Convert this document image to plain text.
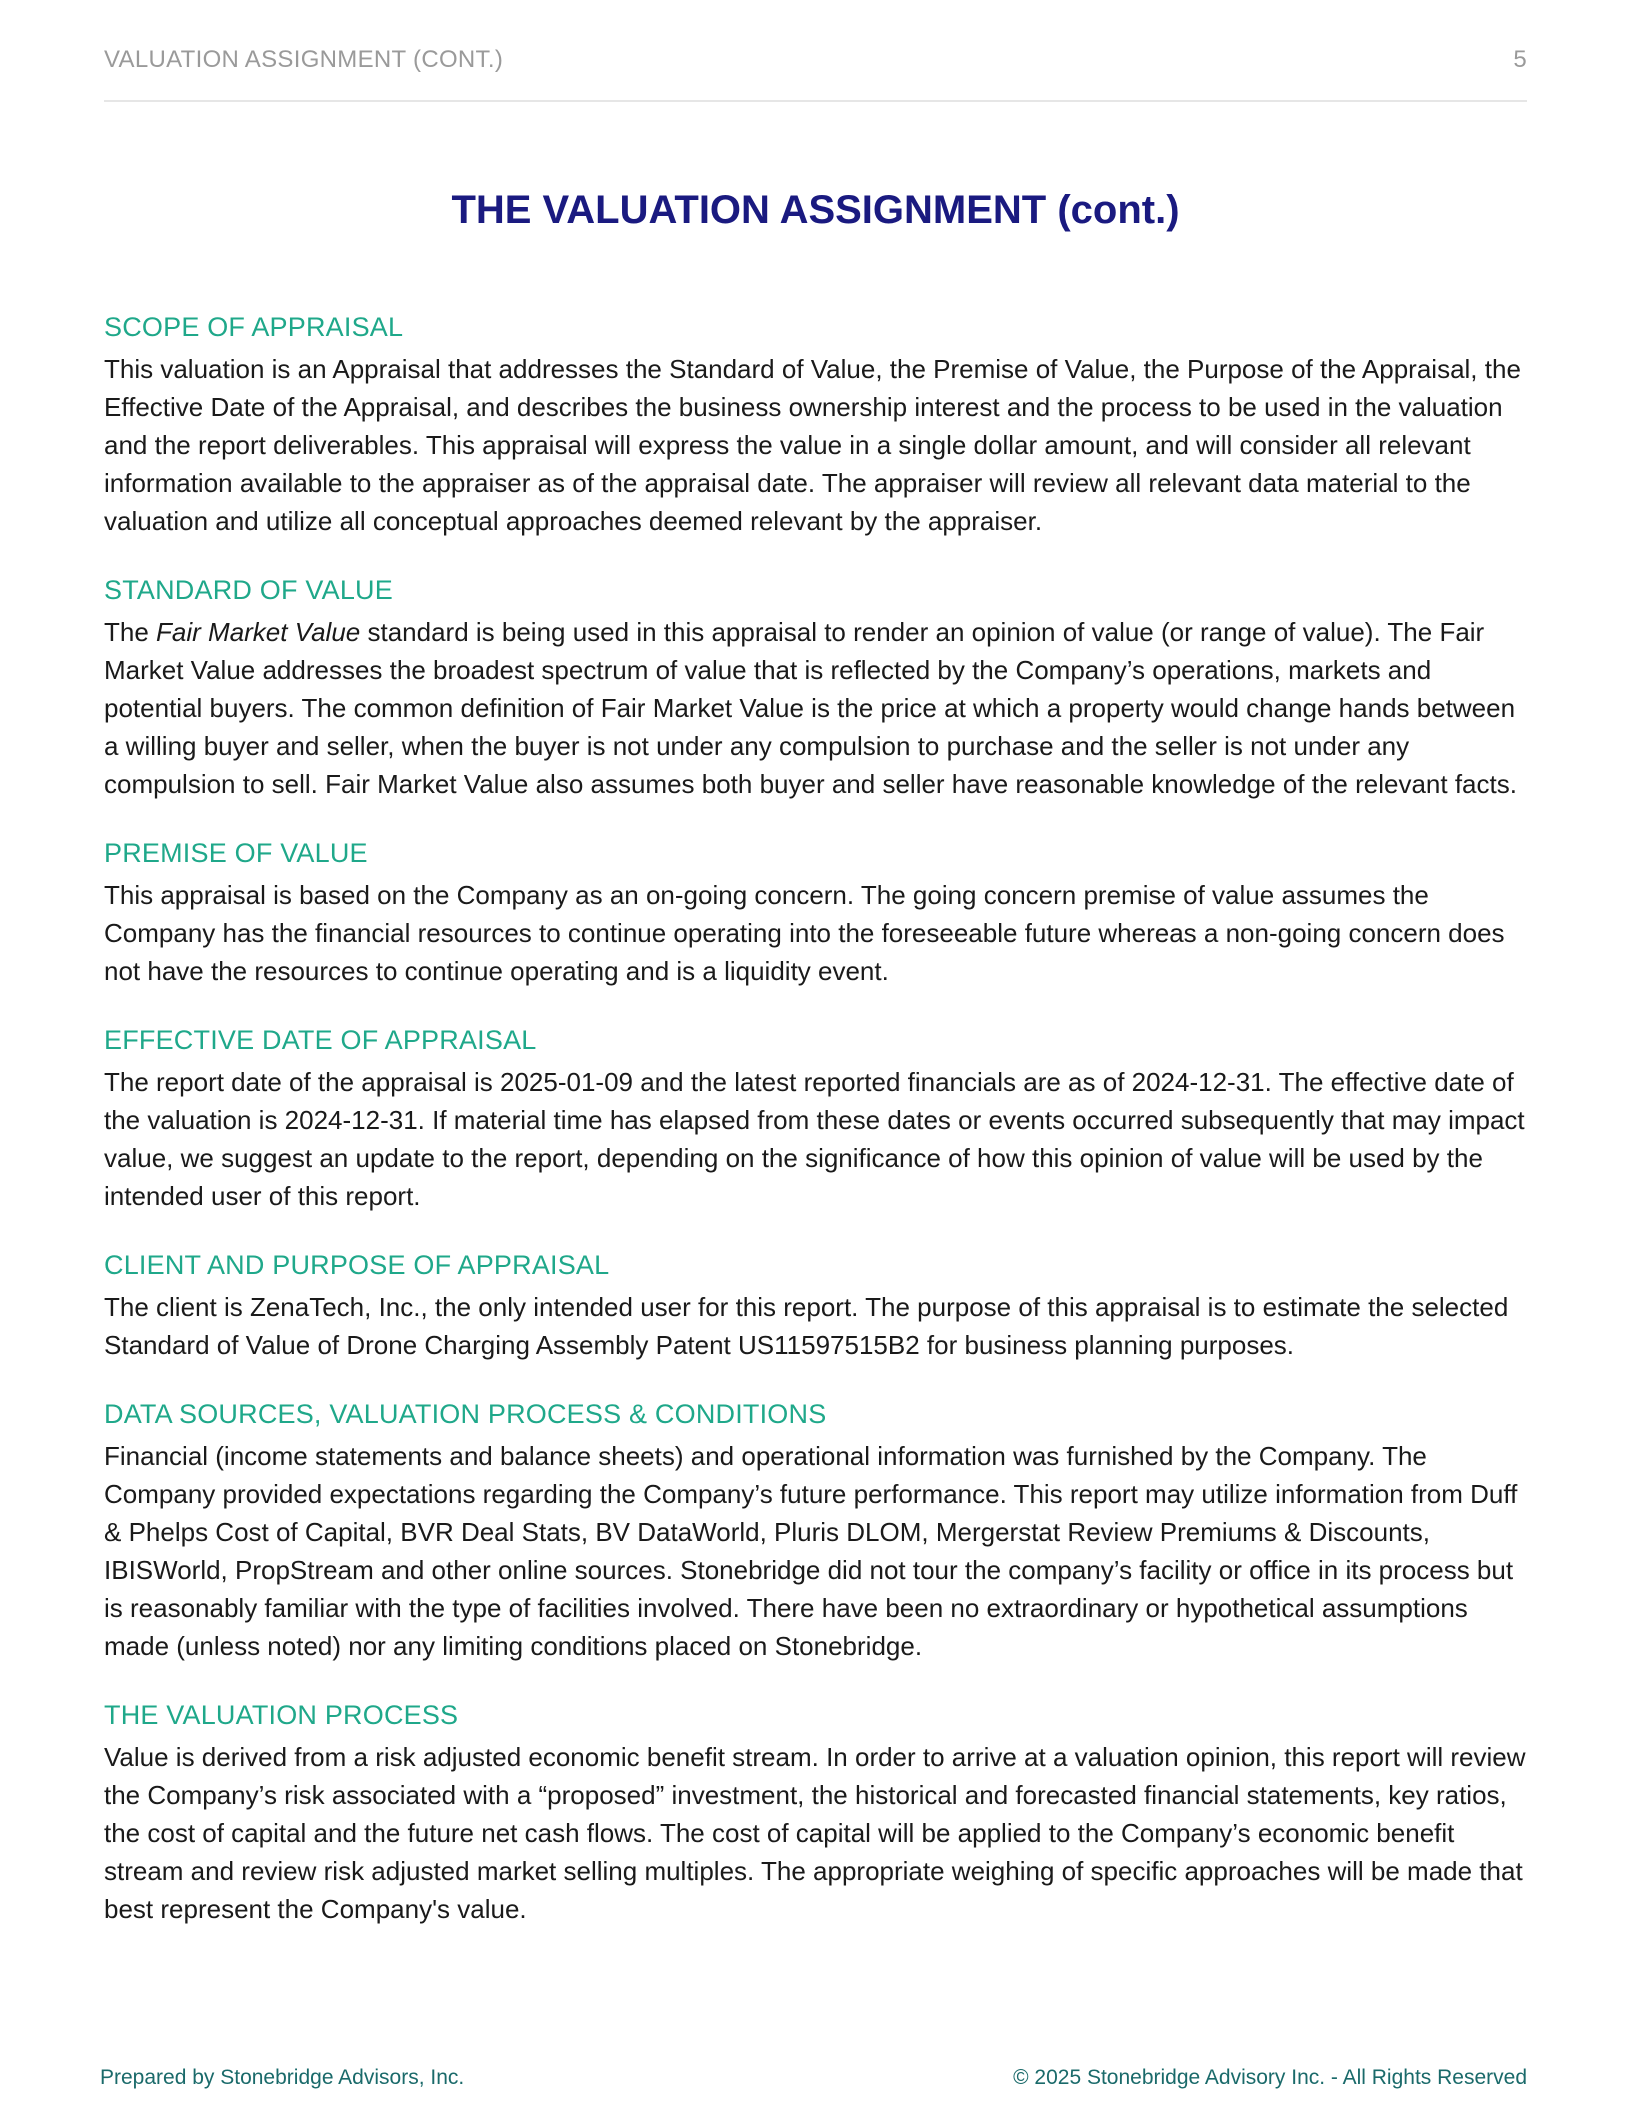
VALUATION ASSIGNMENT (CONT.)	5
THE VALUATION ASSIGNMENT (cont.)
SCOPE OF APPRAISAL

This valuation is an Appraisal that addresses the Standard of Value, the Premise of Value, the Purpose of the Appraisal, the Effective Date of the Appraisal, and describes the business ownership interest and the process to be used in the valuation and the report deliverables. This appraisal will express the value in a single dollar amount, and will consider all relevant information available to the appraiser as of the appraisal date. The appraiser will review all relevant data material to the valuation and utilize all conceptual approaches deemed relevant by the appraiser.

STANDARD OF VALUE

The Fair Market Value standard is being used in this appraisal to render an opinion of value (or range of value). The Fair Market Value addresses the broadest spectrum of value that is reflected by the Company’s operations, markets and potential buyers. The common definition of Fair Market Value is the price at which a property would change hands between a willing buyer and seller, when the buyer is not under any compulsion to purchase and the seller is not under any compulsion to sell. Fair Market Value also assumes both buyer and seller have reasonable knowledge of the relevant facts.

PREMISE OF VALUE

This appraisal is based on the Company as an on-going concern. The going concern premise of value assumes the Company has the financial resources to continue operating into the foreseeable future whereas a non-going concern does not have the resources to continue operating and is a liquidity event.

EFFECTIVE DATE OF APPRAISAL

The report date of the appraisal is 2025-01-09 and the latest reported financials are as of 2024-12-31. The effective date of the valuation is 2024-12-31. If material time has elapsed from these dates or events occurred subsequently that may impact value, we suggest an update to the report, depending on the significance of how this opinion of value will be used by the intended user of this report.

CLIENT AND PURPOSE OF APPRAISAL

The client is ZenaTech, Inc., the only intended user for this report. The purpose of this appraisal is to estimate the selected Standard of Value of Drone Charging Assembly Patent US11597515B2 for business planning purposes.

DATA SOURCES, VALUATION PROCESS & CONDITIONS

Financial (income statements and balance sheets) and operational information was furnished by the Company. The Company provided expectations regarding the Company’s future performance. This report may utilize information from Duff & Phelps Cost of Capital, BVR Deal Stats, BV DataWorld, Pluris DLOM, Mergerstat Review Premiums & Discounts, IBISWorld, PropStream and other online sources. Stonebridge did not tour the company’s facility or office in its process but is reasonably familiar with the type of facilities involved. There have been no extraordinary or hypothetical assumptions made (unless noted) nor any limiting conditions placed on Stonebridge.

THE VALUATION PROCESS

Value is derived from a risk adjusted economic benefit stream. In order to arrive at a valuation opinion, this report will review the Company’s risk associated with a “proposed” investment, the historical and forecasted financial statements, key ratios, the cost of capital and the future net cash flows. The cost of capital will be applied to the Company’s economic benefit stream and review risk adjusted market selling multiples. The appropriate weighing of specific approaches will be made that best represent the Company's value.

Prepared by Stonebridge Advisors, Inc.	© 2025 Stonebridge Advisory Inc. - All Rights Reserved
